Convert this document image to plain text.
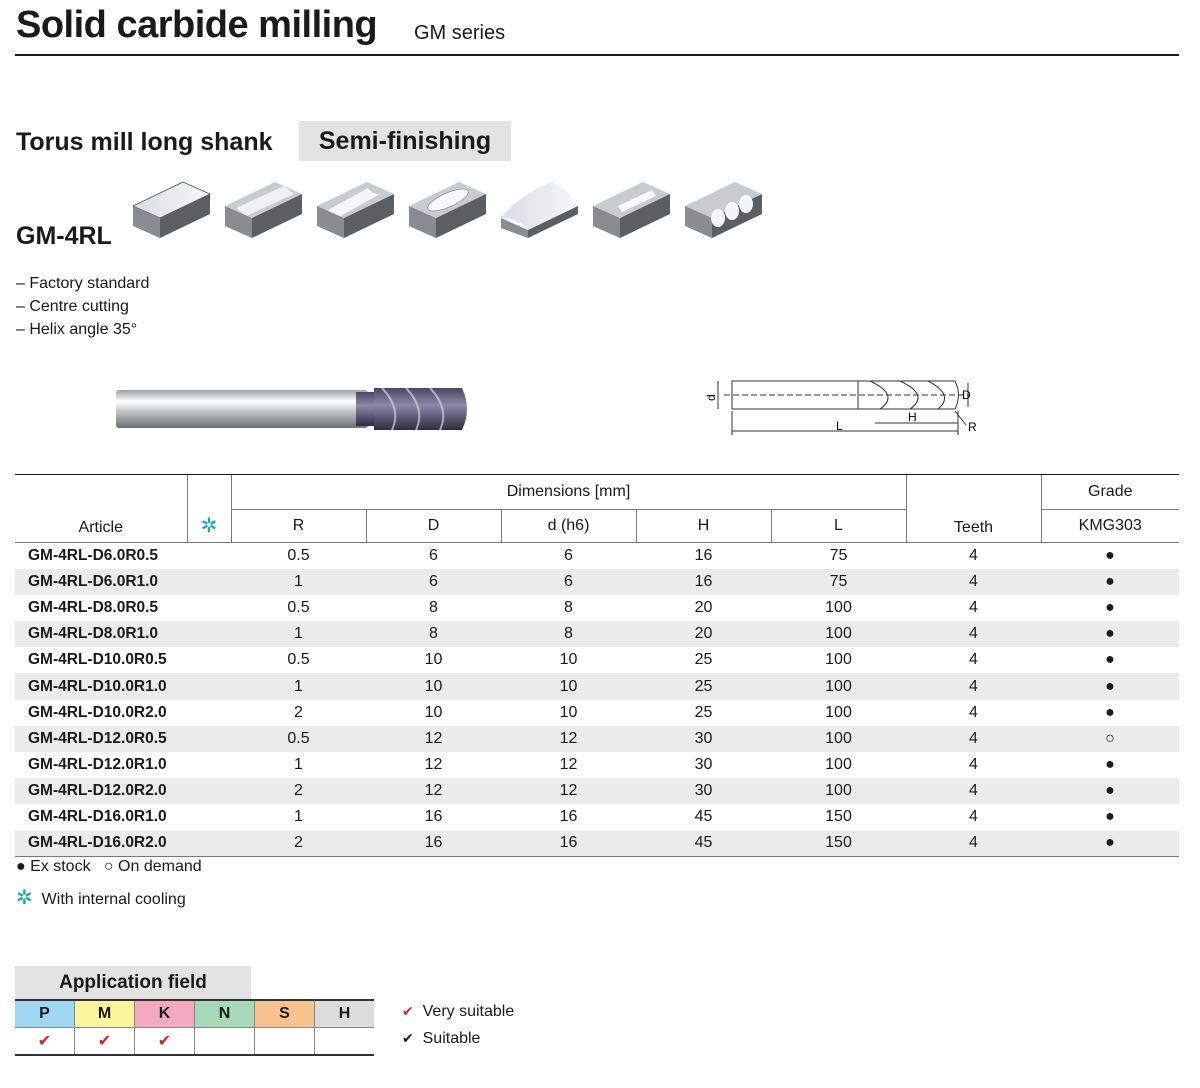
Solid carbide milling GM series
Torus mill long shank	Semi-finishing
GM-4RL
– Factory standard
– Centre cutting
– Helix angle 35°
d	D
L
H
R
Article	✲	Dimensions [mm]					Teeth	Grade
		R	D	d (h6)	H	L		KMG303
GM-4RL-D6.0R0.5		0.5	6	6	16	75	4	●
GM-4RL-D6.0R1.0		1	6	6	16	75	4	●
GM-4RL-D8.0R0.5		0.5	8	8	20	100	4	●
GM-4RL-D8.0R1.0		1	8	8	20	100	4	●
GM-4RL-D10.0R0.5		0.5	10	10	25	100	4	●
GM-4RL-D10.0R1.0		1	10	10	25	100	4	●
GM-4RL-D10.0R2.0		2	10	10	25	100	4	●
GM-4RL-D12.0R0.5		0.5	12	12	30	100	4	○
GM-4RL-D12.0R1.0		1	12	12	30	100	4	●
GM-4RL-D12.0R2.0		2	12	12	30	100	4	●
GM-4RL-D16.0R1.0		1	16	16	45	150	4	●
GM-4RL-D16.0R2.0		2	16	16	45	150	4	●
● Ex stock ○ On demand
✲ With internal cooling
Application field
P	M	K	N	S	H
✔	✔	✔			
✔ Very suitable
✔ Suitable
